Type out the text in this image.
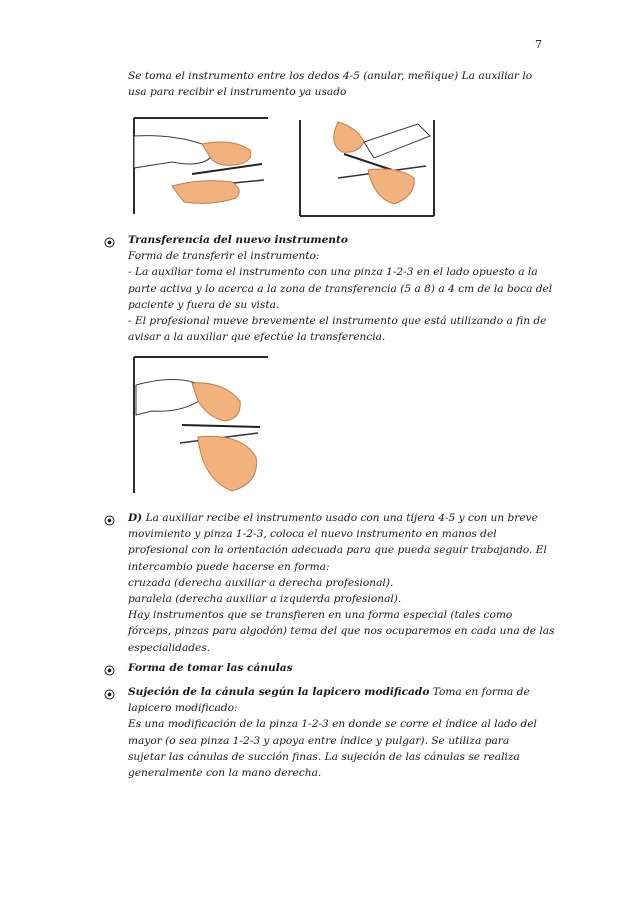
7
Se toma el instrumento entre los dedos 4-5 (anular, meñique) La auxiliar lo
usa para recibir el instrumento ya usado
Transferencia del nuevo instrumento
Forma de transferir el instrumento:
- La auxiliar toma el instrumento con una pinza 1-2-3 en el lado opuesto a la
parte activa y lo acerca a la zona de transferencia (5 a 8) a 4 cm de la boca del
paciente y fuera de su vista.
- El profesional mueve brevemente el instrumento que está utilizando a fin de
avisar a la auxiliar que efectúe la transferencia.
D) La auxiliar recibe el instrumento usado con una tijera 4-5 y con un breve
movimiento y pinza 1-2-3, coloca el nuevo instrumento en manos del
profesional con la orientación adecuada para que pueda seguir trabajando. El
intercambio puede hacerse en forma:
cruzada (derecha auxiliar a derecha profesional).
paralela (derecha auxiliar a izquierda profesional).
Hay instrumentos que se transfieren en una forma especial (tales como
fórceps, pinzas para algodón) tema del que nos ocuparemos en cada una de las
especialidades.
Forma de tomar las cánulas
Sujeción de la cánula según la lapicero modificado Toma en forma de
lapicero modificado:
Es una modificación de la pinza 1-2-3 en donde se corre el índice al lado del
mayor (o sea pinza 1-2-3 y apoya entre índice y pulgar). Se utiliza para
sujetar las cánulas de succión finas. La sujeción de las cánulas se realiza
generalmente con la mano derecha.
